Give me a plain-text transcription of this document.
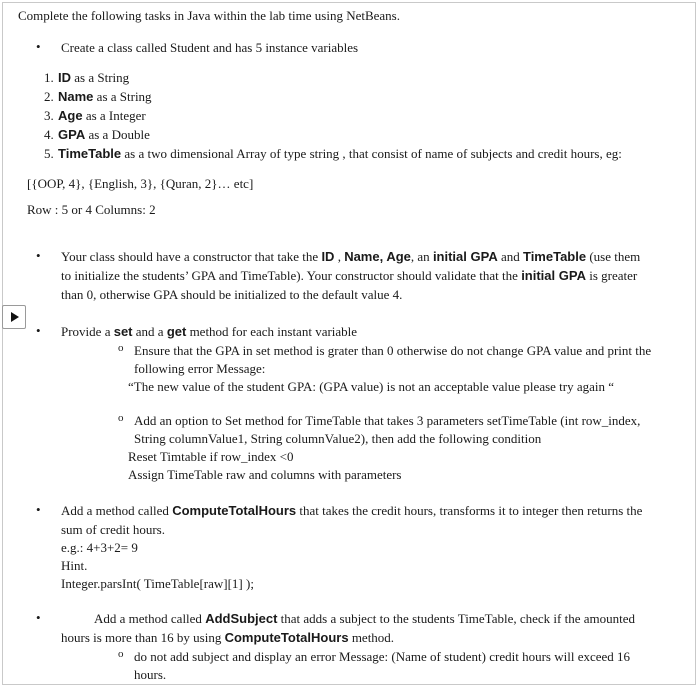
Complete the following tasks in Java within the lab time using NetBeans.
• Create a class called Student and has 5 instance variables
1. ID as a String
2. Name as a String
3. Age as a Integer
4. GPA as a Double
5. TimeTable as a two dimensional Array of type string , that consist of name of subjects and credit hours, eg:
[{OOP, 4}, {English, 3}, {Quran, 2}… etc]
Row : 5 or 4 Columns: 2
• Your class should have a constructor that take the ID , Name, Age, an initial GPA and TimeTable (use them
to initialize the students’ GPA and TimeTable). Your constructor should validate that the initial GPA is greater
than 0, otherwise GPA should be initialized to the default value 4.
• Provide a set and a get method for each instant variable
o Ensure that the GPA in set method is grater than 0 otherwise do not change GPA value and print the
following error Message:
“The new value of the student GPA: (GPA value) is not an acceptable value please try again “
o Add an option to Set method for TimeTable that takes 3 parameters setTimeTable (int row_index,
String columnValue1, String columnValue2), then add the following condition
Reset Timtable if row_index <0
Assign TimeTable raw and columns with parameters
• Add a method called ComputeTotalHours that takes the credit hours, transforms it to integer then returns the
sum of credit hours.
e.g.: 4+3+2= 9
Hint.
Integer.parsInt( TimeTable[raw][1] );
•	Add a method called AddSubject that adds a subject to the students TimeTable, check if the amounted
hours is more than 16 by using ComputeTotalHours method.
o do not add subject and display an error Message: (Name of student) credit hours will exceed 16
hours.
